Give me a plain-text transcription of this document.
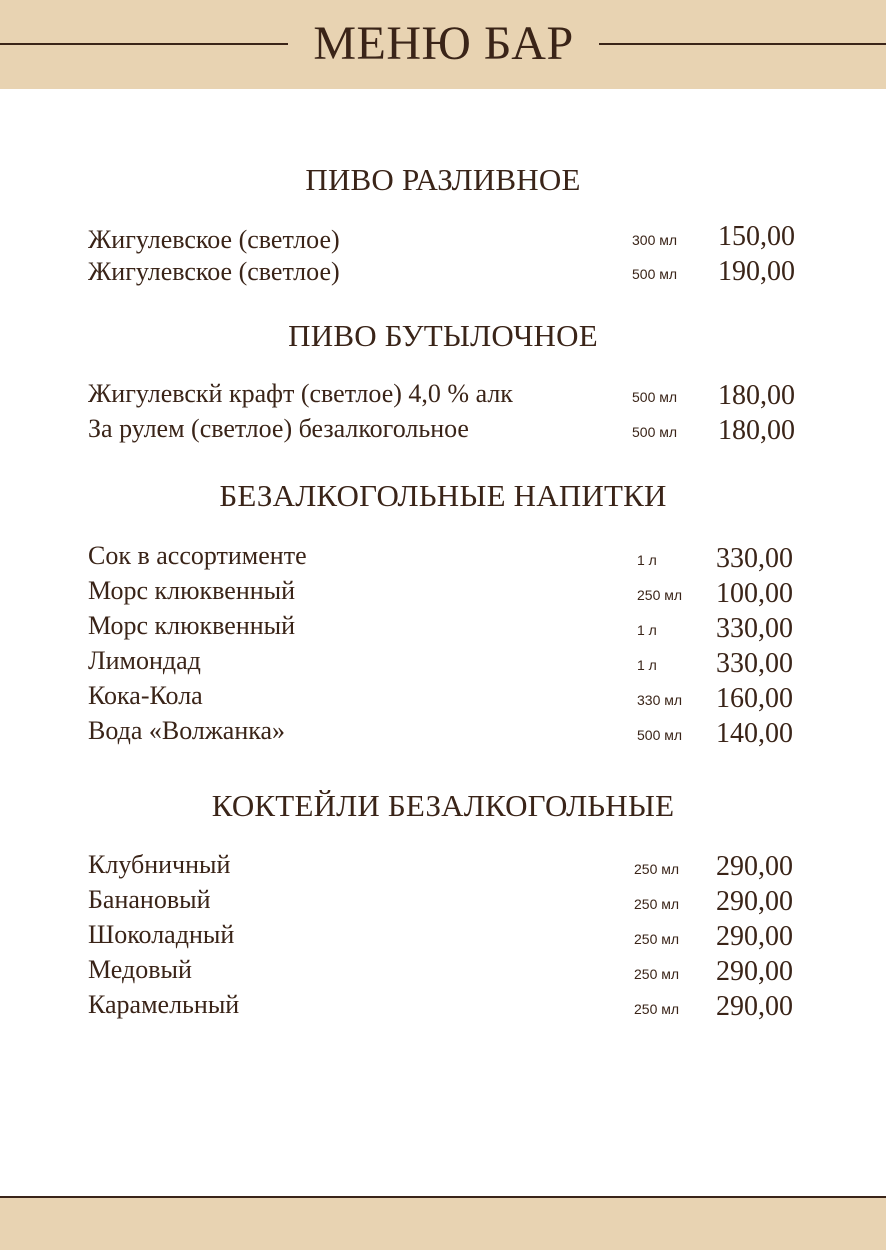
МЕНЮ БАР
ПИВО РАЗЛИВНОЕ
Жигулевское (светлое)	300 мл 150,00
Жигулевское (светлое)	500 мл 190,00
ПИВО БУТЫЛОЧНОЕ
Жигулевскй крафт (светлое) 4,0 % алк	500 мл 180,00
За рулем (светлое) безалкогольное	500 мл 180,00
БЕЗАЛКОГОЛЬНЫЕ НАПИТКИ
Сок в ассортименте	1 л 330,00
Морс клюквенный	250 мл 100,00
Морс клюквенный	1 л 330,00
Лимондад	1 л 330,00
Кока-Кола	330 мл 160,00
Вода «Волжанка»	500 мл 140,00
КОКТЕЙЛИ БЕЗАЛКОГОЛЬНЫЕ
Клубничный	250 мл 290,00
Банановый	250 мл 290,00
Шоколадный	250 мл 290,00
Медовый	250 мл 290,00
Карамельный	250 мл 290,00
